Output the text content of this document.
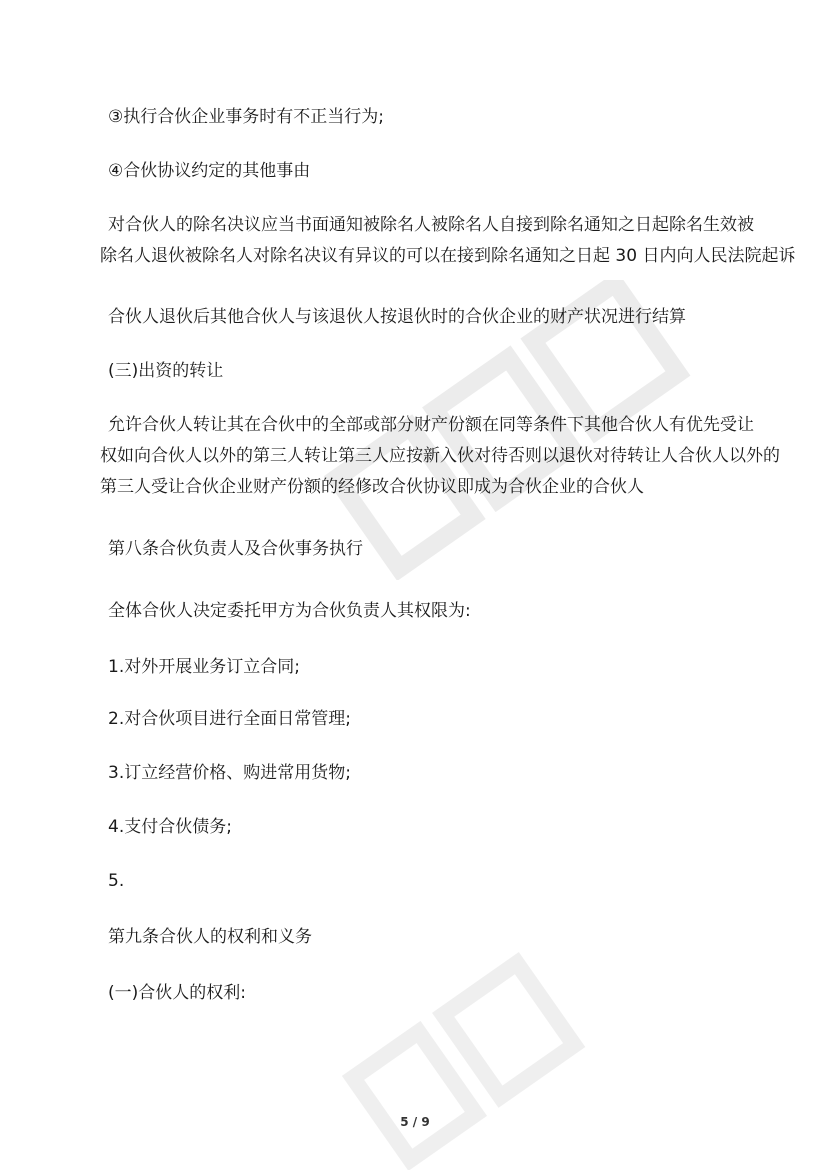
③执行合伙企业事务时有不正当行为;
④合伙协议约定的其他事由
对合伙人的除名决议应当书面通知被除名人被除名人自接到除名通知之日起除名生效被
除名人退伙被除名人对除名决议有异议的可以在接到除名通知之日起 30 日内向人民法院起诉
合伙人退伙后其他合伙人与该退伙人按退伙时的合伙企业的财产状况进行结算
(三)出资的转让
允许合伙人转让其在合伙中的全部或部分财产份额在同等条件下其他合伙人有优先受让
权如向合伙人以外的第三人转让第三人应按新入伙对待否则以退伙对待转让人合伙人以外的
第三人受让合伙企业财产份额的经修改合伙协议即成为合伙企业的合伙人
第八条合伙负责人及合伙事务执行
全体合伙人决定委托甲方为合伙负责人其权限为:
1.对外开展业务订立合同;
2.对合伙项目进行全面日常管理;
3.订立经营价格、购进常用货物;
4.支付合伙债务;
5.
第九条合伙人的权利和义务
(一)合伙人的权利:
5 / 9
